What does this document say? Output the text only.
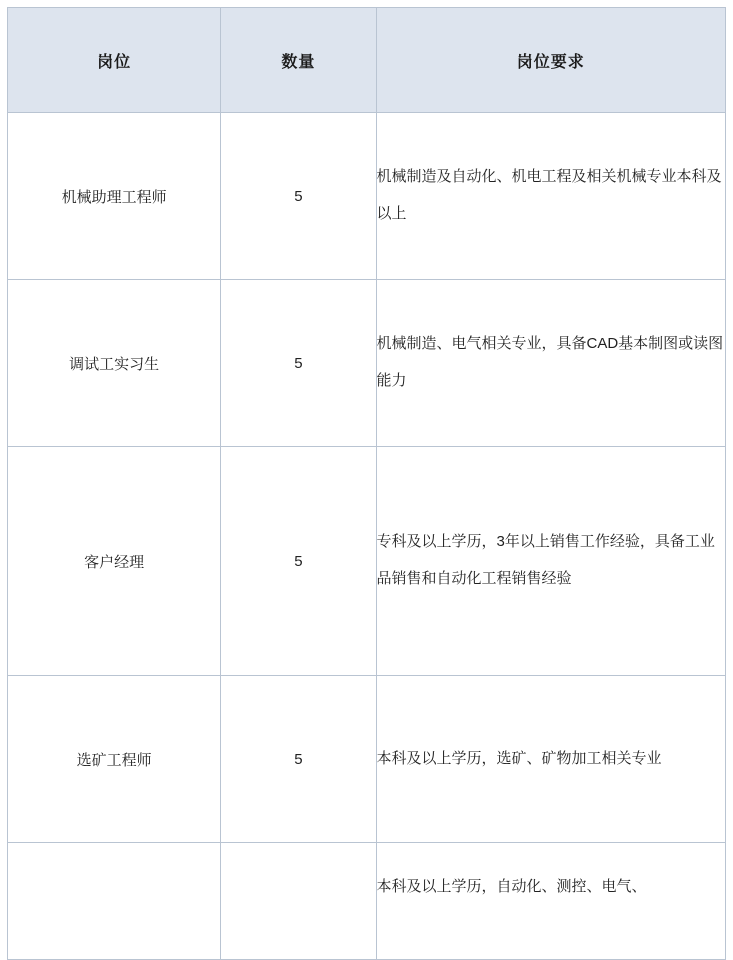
岗位	数量	岗位要求
机械助理工程师	5	机械制造及自动化、机电工程及相关机械专业本科及以上
调试工实习生	5	机械制造、电气相关专业，具备CAD基本制图或读图能力
客户经理	5	专科及以上学历，3年以上销售工作经验，具备工业品销售和自动化工程销售经验
选矿工程师	5	本科及以上学历，选矿、矿物加工相关专业
		本科及以上学历，自动化、测控、电气、
